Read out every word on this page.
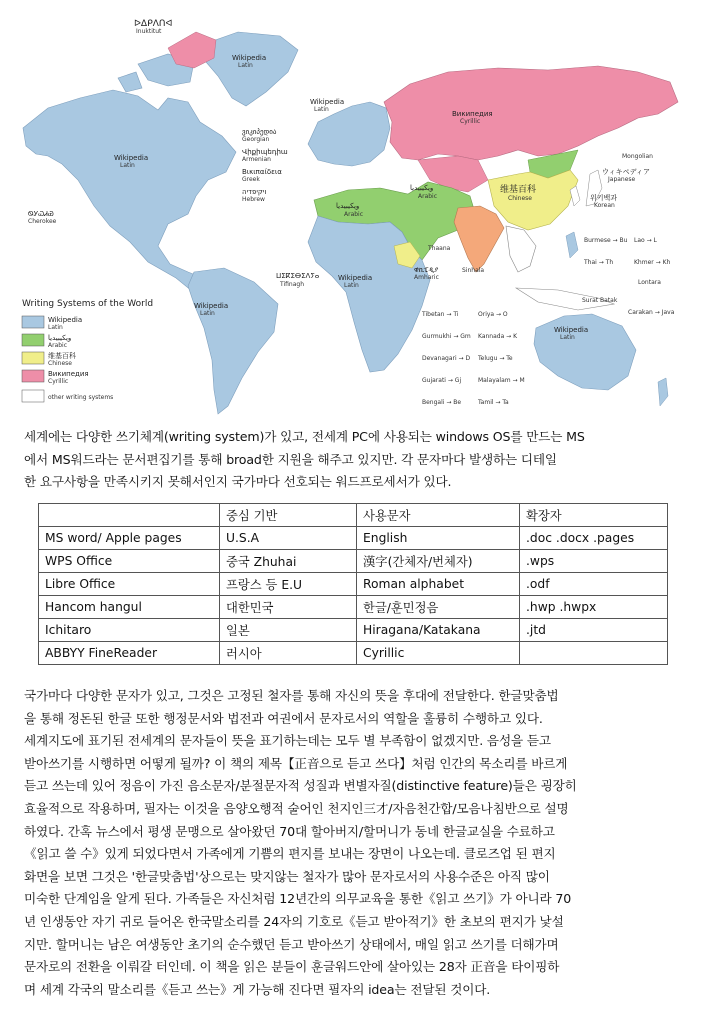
Writing Systems of the World
Wikipedia
Latin
ويكيبيديا
Arabic
维基百科
Chinese
Википедия
Cyrillic
other writing systems
ᐅᐃᑭᐱᑎᐊ
Inuktitut
Wikipedia
Latin
Wikipedia
Latin
Wikipedia
Latin
Википедия
Cyrillic
ვიკიპედია
Georgian
Վիքիպեդիա
Armenian
Βικιπαίδεια
Greek
ויקיפדיה
Hebrew
ᏫᎩᏇᏗᏯ
Cherokee
ويكيبيديا
Arabic
ويكيبيديا
Arabic
维基百科
Chinese
Mongolian
ウィキペディア
Japanese
위키백과
Korean
ⵡⵉⴽⵉⴱⵉⴷⵢⴰ
Tifinagh
Wikipedia
Latin
ዊኪፔዲያ
Amharic
Thaana
Sinhala
Wikipedia
Latin
Wikipedia
Latin
Burmese → Bu Lao → L
Thai → Th	Khmer → Kh
Lontara
Surat Batak
Carakan → Java
Tibetan → Ti	Oriya → O
Gurmukhi → Gm Kannada → K
Devanagari → D Telugu → Te
Gujarati → Gj	Malayalam → M
Bengali → Be	Tamil → Ta
세계에는 다양한 쓰기체계(writing system)가 있고, 전세계 PC에 사용되는 windows OS를 만드는 MS
에서 MS워드라는 문서편집기를 통해 broad한 지원을 해주고 있지만. 각 문자마다 발생하는 디테일
한 요구사항을 만족시키지 못해서인지 국가마다 선호되는 워드프로세서가 있다.
	중심 기반	사용문자	확장자
MS word/ Apple pages	U.S.A	English	.doc .docx .pages
WPS Office	중국 Zhuhai	漢字(간체자/번체자)	.wps
Libre Office	프랑스 등 E.U	Roman alphabet	.odf
Hancom hangul	대한민국	한글/훈민정음	.hwp .hwpx
Ichitaro	일본	Hiragana/Katakana	.jtd
ABBYY FineReader	러시아	Cyrillic	
국가마다 다양한 문자가 있고, 그것은 고정된 철자를 통해 자신의 뜻을 후대에 전달한다. 한글맞춤법
을 통해 정돈된 한글 또한 행정문서와 법전과 여권에서 문자로서의 역할을 훌륭히 수행하고 있다.
세계지도에 표기된 전세계의 문자들이 뜻을 표기하는데는 모두 별 부족함이 없겠지만. 음성을 듣고
받아쓰기를 시행하면 어떻게 될까? 이 책의 제목【正音으로 듣고 쓰다】처럼 인간의 목소리를 바르게
듣고 쓰는데 있어 정음이 가진 음소문자/분절문자적 성질과 변별자질(distinctive feature)들은 굉장히
효율적으로 작용하며, 필자는 이것을 음양오행적 술어인 천지인三才/자음천간합/모음나침반으로 설명
하였다. 간혹 뉴스에서 평생 문맹으로 살아왔던 70대 할아버지/할머니가 동네 한글교실을 수료하고
《읽고 쓸 수》있게 되었다면서 가족에게 기쁨의 편지를 보내는 장면이 나오는데. 클로즈업 된 편지
화면을 보면 그것은 '한글맞춤법'상으로는 맞지않는 철자가 많아 문자로서의 사용수준은 아직 많이
미숙한 단계임을 알게 된다. 가족들은 자신처럼 12년간의 의무교육을 통한《읽고 쓰기》가 아니라 70
년 인생동안 자기 귀로 들어온 한국말소리를 24자의 기호로《듣고 받아적기》한 초보의 편지가 낯설
지만. 할머니는 남은 여생동안 초기의 순수했던 듣고 받아쓰기 상태에서, 매일 읽고 쓰기를 더해가며
문자로의 전환을 이뤄갈 터인데. 이 책을 읽은 분들이 훈글워드안에 살아있는 28자 正音을 타이핑하
며 세계 각국의 말소리를《듣고 쓰는》게 가능해 진다면 필자의 idea는 전달된 것이다.
